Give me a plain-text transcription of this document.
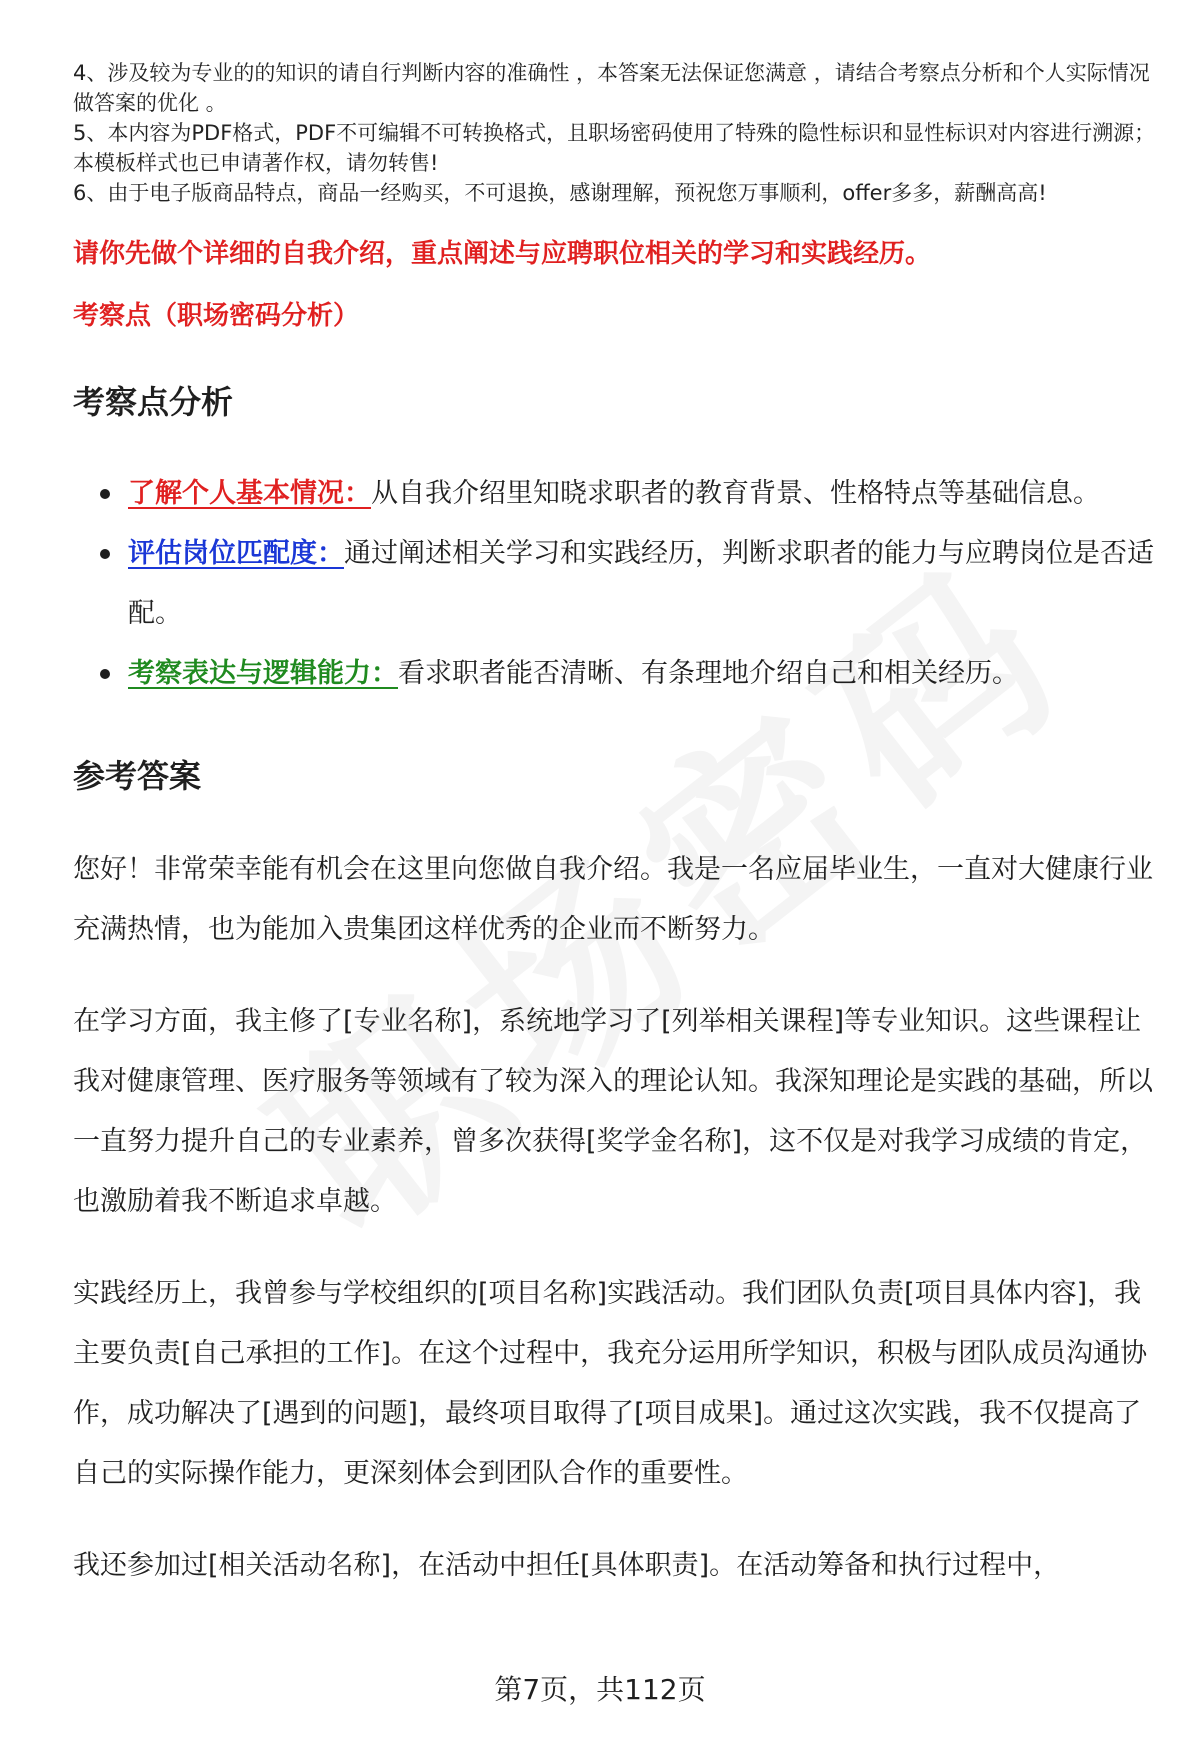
4、涉及较为专业的的知识的请自行判断内容的准确性 ，本答案无法保证您满意 ，请结合考察点分析和个人实际情况做答案的优化 。

5、本内容为PDF格式，PDF不可编辑不可转换格式，且职场密码使用了特殊的隐性标识和显性标识对内容进行溯源；本模板样式也已申请著作权，请勿转售!

6、由于电子版商品特点，商品一经购买，不可退换，感谢理解，预祝您万事顺利，offer多多，薪酬高高!

请你先做个详细的自我介绍，重点阐述与应聘职位相关的学习和实践经历。

考察点（职场密码分析）

考察点分析
了解个人基本情况：从自我介绍里知晓求职者的教育背景、性格特点等基础信息。
评估岗位匹配度：通过阐述相关学习和实践经历，判断求职者的能力与应聘岗位是否适配。
考察表达与逻辑能力：看求职者能否清晰、有条理地介绍自己和相关经历。
参考答案

您好！非常荣幸能有机会在这里向您做自我介绍。我是一名应届毕业生，一直对大健康行业充满热情，也为能加入贵集团这样优秀的企业而不断努力。

在学习方面，我主修了[专业名称]，系统地学习了[列举相关课程]等专业知识。这些课程让我对健康管理、医疗服务等领域有了较为深入的理论认知。我深知理论是实践的基础，所以一直努力提升自己的专业素养，曾多次获得[奖学金名称]，这不仅是对我学习成绩的肯定，也激励着我不断追求卓越。

实践经历上，我曾参与学校组织的[项目名称]实践活动。我们团队负责[项目具体内容]，我主要负责[自己承担的工作]。在这个过程中，我充分运用所学知识，积极与团队成员沟通协作，成功解决了[遇到的问题]，最终项目取得了[项目成果]。通过这次实践，我不仅提高了自己的实际操作能力，更深刻体会到团队合作的重要性。

我还参加过[相关活动名称]，在活动中担任[具体职责]。在活动筹备和执行过程中，

第7页，共112页
